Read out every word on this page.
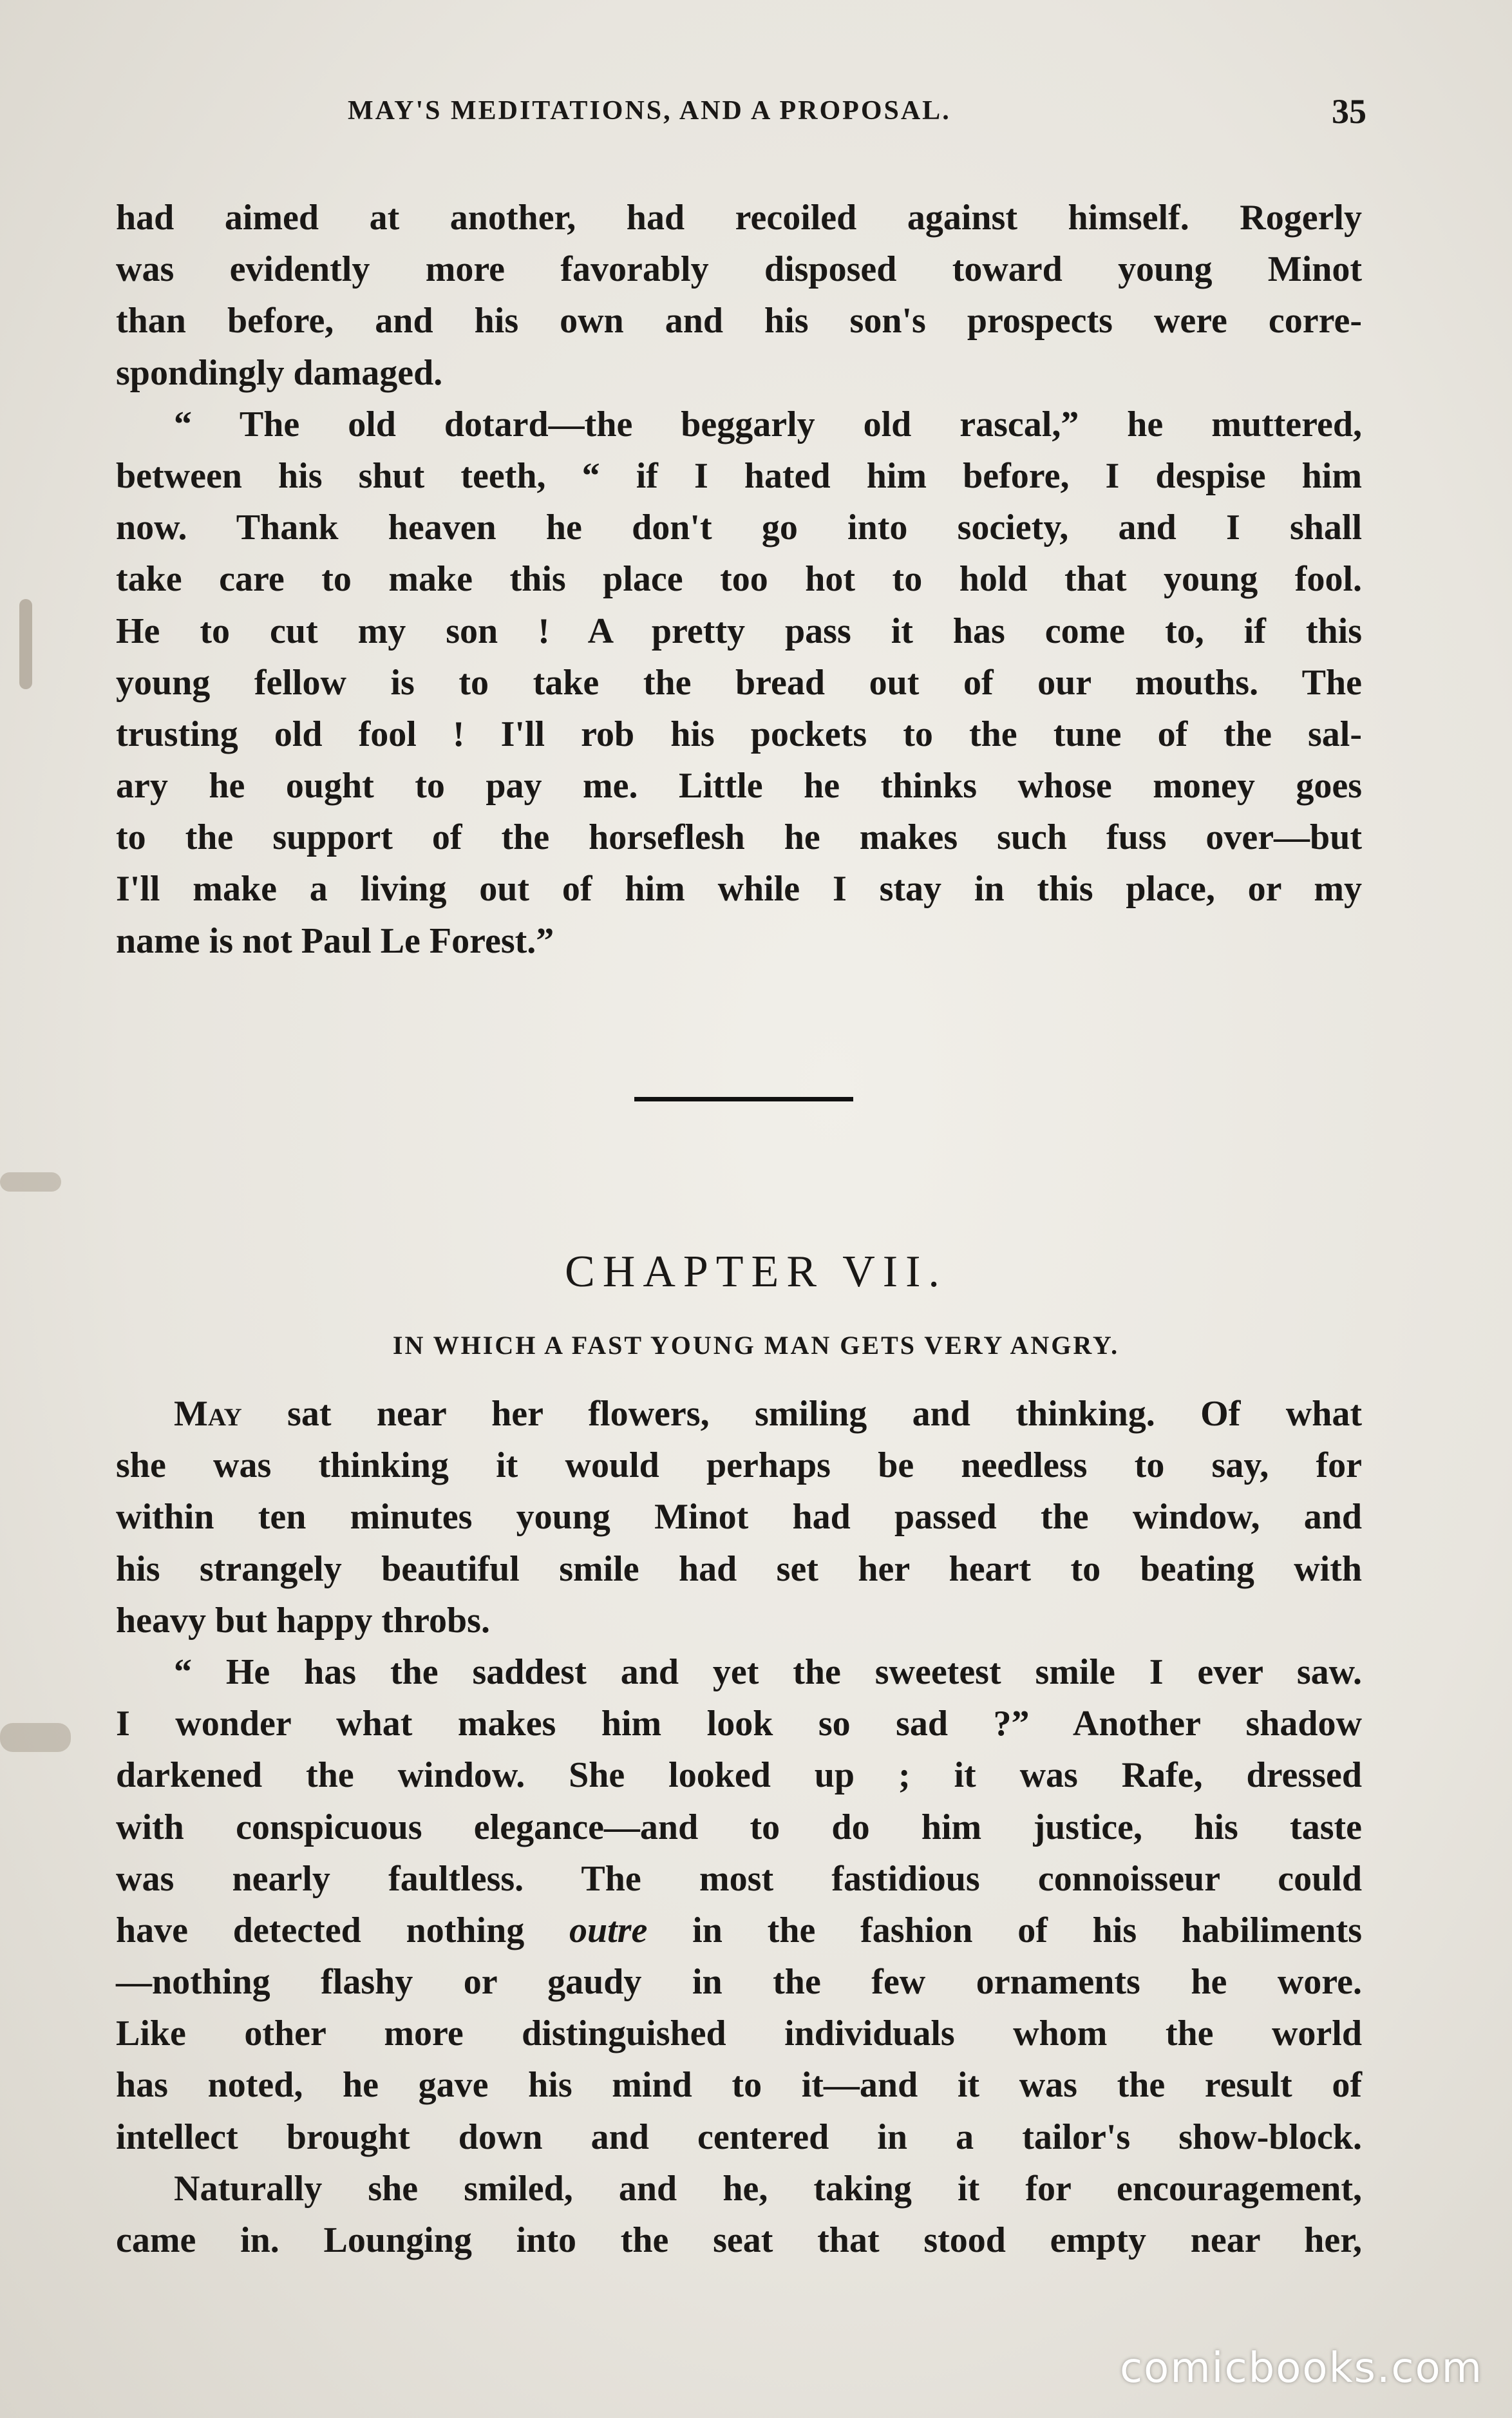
MAY'S MEDITATIONS, AND A PROPOSAL.	35
had aimed at another, had recoiled against himself. Rogerly
was evidently more favorably disposed toward young Minot
than before, and his own and his son's prospects were corre-
spondingly damaged.
“ The old dotard—the beggarly old rascal,” he muttered,
between his shut teeth, “ if I hated him before, I despise him
now. Thank heaven he don't go into society, and I shall
take care to make this place too hot to hold that young fool.
He to cut my son ! A pretty pass it has come to, if this
young fellow is to take the bread out of our mouths. The
trusting old fool ! I'll rob his pockets to the tune of the sal-
ary he ought to pay me. Little he thinks whose money goes
to the support of the horseflesh he makes such fuss over—but
I'll make a living out of him while I stay in this place, or my
name is not Paul Le Forest.”
CHAPTER VII.
IN WHICH A FAST YOUNG MAN GETS VERY ANGRY.
May sat near her flowers, smiling and thinking. Of what
she was thinking it would perhaps be needless to say, for
within ten minutes young Minot had passed the window, and
his strangely beautiful smile had set her heart to beating with
heavy but happy throbs.
“ He has the saddest and yet the sweetest smile I ever saw.
I wonder what makes him look so sad ?” Another shadow
darkened the window. She looked up ; it was Rafe, dressed
with conspicuous elegance—and to do him justice, his taste
was nearly faultless. The most fastidious connoisseur could
have detected nothing outre in the fashion of his habiliments
—nothing flashy or gaudy in the few ornaments he wore.
Like other more distinguished individuals whom the world
has noted, he gave his mind to it—and it was the result of
intellect brought down and centered in a tailor's show-block.
Naturally she smiled, and he, taking it for encouragement,
came in. Lounging into the seat that stood empty near her,
comicbooks.com
